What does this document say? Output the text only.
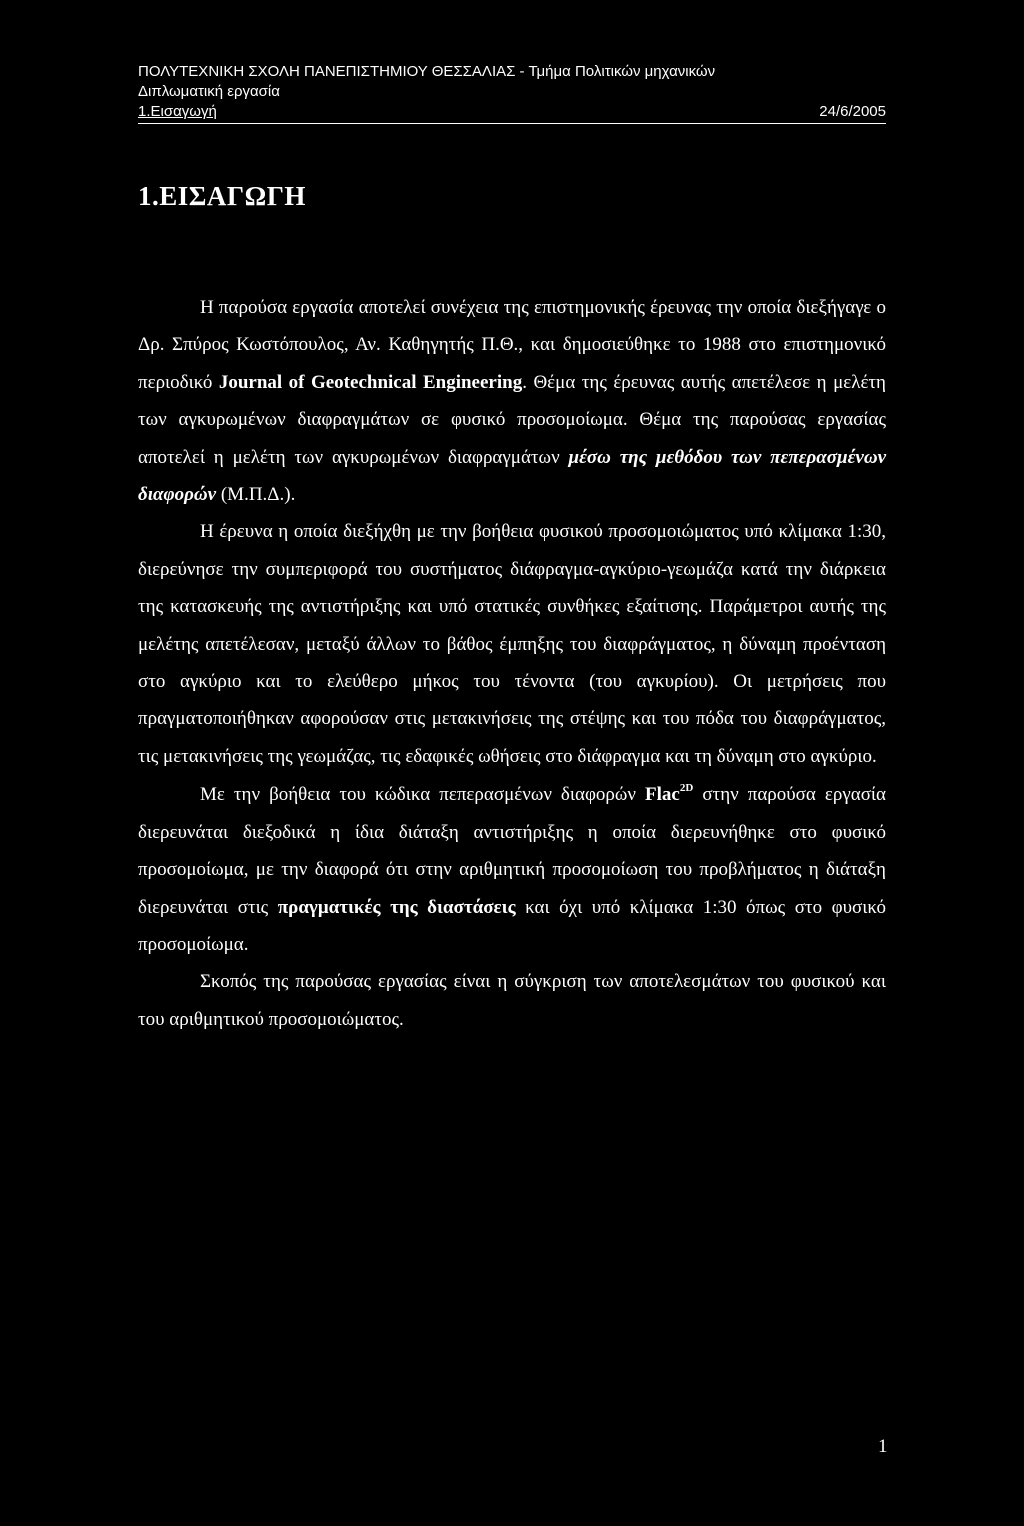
ΠΟΛΥΤΕΧΝΙΚΗ ΣΧΟΛΗ ΠΑΝΕΠΙΣΤΗΜΙΟΥ ΘΕΣΣΑΛΙΑΣ - Τμήμα Πολιτικών μηχανικών
Διπλωματική εργασία
1.Εισαγωγή	24/6/2005
1.ΕΙΣΑΓΩΓΗ

Η παρούσα εργασία αποτελεί συνέχεια της επιστημονικής έρευνας την οποία διεξήγαγε ο Δρ. Σπύρος Κωστόπουλος, Αν. Καθηγητής Π.Θ., και δημοσιεύθηκε το 1988 στο επιστημονικό περιοδικό Journal of Geotechnical Engineering. Θέμα της έρευνας αυτής απετέλεσε η μελέτη των αγκυρωμένων διαφραγμάτων σε φυσικό προσομοίωμα. Θέμα της παρούσας εργασίας αποτελεί η μελέτη των αγκυρωμένων διαφραγμάτων μέσω της μεθόδου των πεπερασμένων διαφορών (Μ.Π.Δ.).

Η έρευνα η οποία διεξήχθη με την βοήθεια φυσικού προσομοιώματος υπό κλίμακα 1:30, διερεύνησε την συμπεριφορά του συστήματος διάφραγμα-αγκύριο-γεωμάζα κατά την διάρκεια της κατασκευής της αντιστήριξης και υπό στατικές συνθήκες εξαίτισης. Παράμετροι αυτής της μελέτης απετέλεσαν, μεταξύ άλλων το βάθος έμπηξης του διαφράγματος, η δύναμη προένταση στο αγκύριο και το ελεύθερο μήκος του τένοντα (του αγκυρίου). Οι μετρήσεις που πραγματοποιήθηκαν αφορούσαν στις μετακινήσεις της στέψης και του πόδα του διαφράγματος, τις μετακινήσεις της γεωμάζας, τις εδαφικές ωθήσεις στο διάφραγμα και τη δύναμη στο αγκύριο.

Με την βοήθεια του κώδικα πεπερασμένων διαφορών Flac$^{2D}$ στην παρούσα εργασία διερευνάται διεξοδικά η ίδια διάταξη αντιστήριξης η οποία διερευνήθηκε στο φυσικό προσομοίωμα, με την διαφορά ότι στην αριθμητική προσομοίωση του προβλήματος η διάταξη διερευνάται στις πραγματικές της διαστάσεις και όχι υπό κλίμακα 1:30 όπως στο φυσικό προσομοίωμα.

Σκοπός της παρούσας εργασίας είναι η σύγκριση των αποτελεσμάτων του φυσικού και του αριθμητικού προσομοιώματος.

1
